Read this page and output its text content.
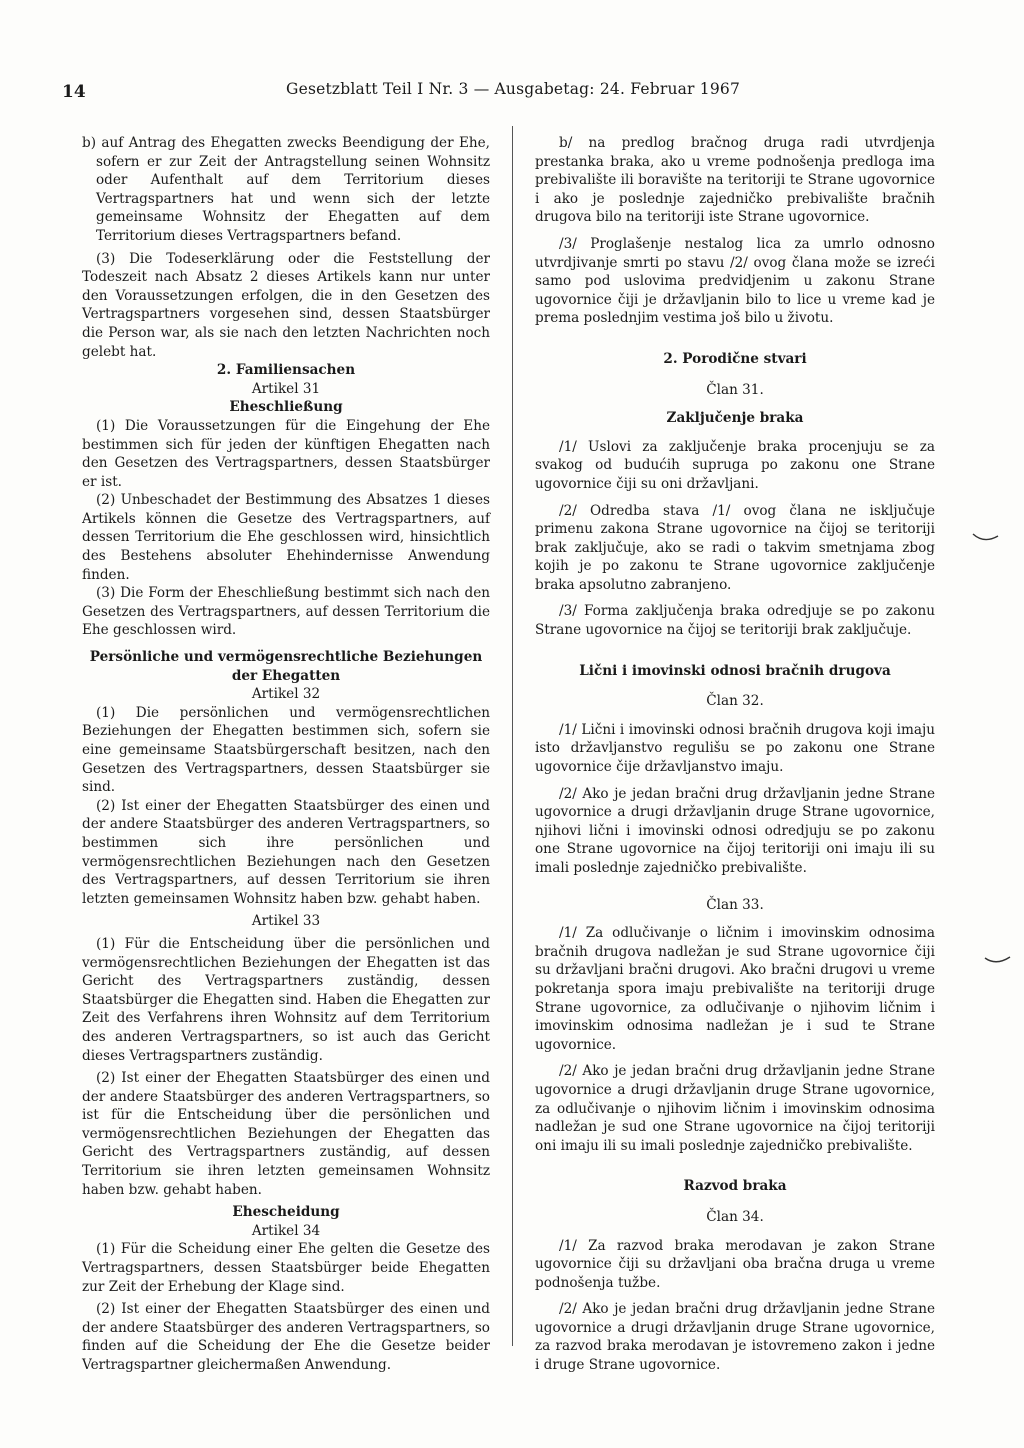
14	Gesetzblatt Teil I Nr. 3 — Ausgabetag: 24. Februar 1967

b) auf Antrag des Ehegatten zwecks Beendigung der Ehe, sofern er zur Zeit der Antragstellung seinen Wohnsitz oder Aufenthalt auf dem Territorium dieses Vertragspartners hat und wenn sich der letzte gemeinsame Wohnsitz der Ehegatten auf dem Territorium dieses Vertragspartners befand.

(3) Die Todeserklärung oder die Feststellung der Todeszeit nach Absatz 2 dieses Artikels kann nur unter den Voraussetzungen erfolgen, die in den Gesetzen des Vertragspartners vorgesehen sind, dessen Staatsbürger die Person war, als sie nach den letzten Nachrichten noch gelebt hat.

2. Familiensachen

Artikel 31

Eheschließung

(1) Die Voraussetzungen für die Eingehung der Ehe bestimmen sich für jeden der künftigen Ehegatten nach den Gesetzen des Vertragspartners, dessen Staatsbürger er ist.

(2) Unbeschadet der Bestimmung des Absatzes 1 dieses Artikels können die Gesetze des Vertragspartners, auf dessen Territorium die Ehe geschlossen wird, hinsichtlich des Bestehens absoluter Ehehindernisse Anwendung finden.

(3) Die Form der Eheschließung bestimmt sich nach den Gesetzen des Vertragspartners, auf dessen Territorium die Ehe geschlossen wird.

Persönliche und vermögensrechtliche Beziehungen der Ehegatten

Artikel 32

(1) Die persönlichen und vermögensrechtlichen Beziehungen der Ehegatten bestimmen sich, sofern sie eine gemeinsame Staatsbürgerschaft besitzen, nach den Gesetzen des Vertragspartners, dessen Staatsbürger sie sind.

(2) Ist einer der Ehegatten Staatsbürger des einen und der andere Staatsbürger des anderen Vertragspartners, so bestimmen sich ihre persönlichen und vermögensrechtlichen Beziehungen nach den Gesetzen des Vertragspartners, auf dessen Territorium sie ihren letzten gemeinsamen Wohnsitz haben bzw. gehabt haben.

Artikel 33

(1) Für die Entscheidung über die persönlichen und vermögensrechtlichen Beziehungen der Ehegatten ist das Gericht des Vertragspartners zuständig, dessen Staatsbürger die Ehegatten sind. Haben die Ehegatten zur Zeit des Verfahrens ihren Wohnsitz auf dem Territorium des anderen Vertragspartners, so ist auch das Gericht dieses Vertragspartners zuständig.

(2) Ist einer der Ehegatten Staatsbürger des einen und der andere Staatsbürger des anderen Vertragspartners, so ist für die Entscheidung über die persönlichen und vermögensrechtlichen Beziehungen der Ehegatten das Gericht des Vertragspartners zuständig, auf dessen Territorium sie ihren letzten gemeinsamen Wohnsitz haben bzw. gehabt haben.

Ehescheidung

Artikel 34

(1) Für die Scheidung einer Ehe gelten die Gesetze des Vertragspartners, dessen Staatsbürger beide Ehegatten zur Zeit der Erhebung der Klage sind.

(2) Ist einer der Ehegatten Staatsbürger des einen und der andere Staatsbürger des anderen Vertragspartners, so finden auf die Scheidung der Ehe die Gesetze beider Vertragspartner gleichermaßen Anwendung.

b/ na predlog bračnog druga radi utvrdjenja prestanka braka, ako u vreme podnošenja predloga ima prebivalište ili boravište na teritoriji te Strane ugovornice i ako je poslednje zajedničko prebivalište bračnih drugova bilo na teritoriji iste Strane ugovornice.

/3/ Proglašenje nestalog lica za umrlo odnosno utvrdjivanje smrti po stavu /2/ ovog člana može se izreći samo pod uslovima predvidjenim u zakonu Strane ugovornice čiji je državljanin bilo to lice u vreme kad je prema poslednjim vestima još bilo u životu.

2. Porodične stvari

Član 31.

Zaključenje braka

/1/ Uslovi za zaključenje braka procenjuju se za svakog od budućih supruga po zakonu one Strane ugovornice čiji su oni državljani.

/2/ Odredba stava /1/ ovog člana ne isključuje primenu zakona Strane ugovornice na čijoj se teritoriji brak zaključuje, ako se radi o takvim smetnjama zbog kojih je po zakonu te Strane ugovornice zaključenje braka apsolutno zabranjeno.

/3/ Forma zaključenja braka odredjuje se po zakonu Strane ugovornice na čijoj se teritoriji brak zaključuje.

Lični i imovinski odnosi bračnih drugova

Član 32.

/1/ Lični i imovinski odnosi bračnih drugova koji imaju isto državljanstvo regulišu se po zakonu one Strane ugovornice čije državljanstvo imaju.

/2/ Ako je jedan bračni drug državljanin jedne Strane ugovornice a drugi državljanin druge Strane ugovornice, njihovi lični i imovinski odnosi odredjuju se po zakonu one Strane ugovornice na čijoj teritoriji oni imaju ili su imali poslednje zajedničko prebivalište.

Član 33.

/1/ Za odlučivanje o ličnim i imovinskim odnosima bračnih drugova nadležan je sud Strane ugovornice čiji su državljani bračni drugovi. Ako bračni drugovi u vreme pokretanja spora imaju prebivalište na teritoriji druge Strane ugovornice, za odlučivanje o njihovim ličnim i imovinskim odnosima nadležan je i sud te Strane ugovornice.

/2/ Ako je jedan bračni drug državljanin jedne Strane ugovornice a drugi državljanin druge Strane ugovornice, za odlučivanje o njihovim ličnim i imovinskim odnosima nadležan je sud one Strane ugovornice na čijoj teritoriji oni imaju ili su imali poslednje zajedničko prebivalište.

Razvod braka

Član 34.

/1/ Za razvod braka merodavan je zakon Strane ugovornice čiji su državljani oba bračna druga u vreme podnošenja tužbe.

/2/ Ako je jedan bračni drug državljanin jedne Strane ugovornice a drugi državljanin druge Strane ugovornice, za razvod braka merodavan je istovremeno zakon i jedne i druge Strane ugovornice.
